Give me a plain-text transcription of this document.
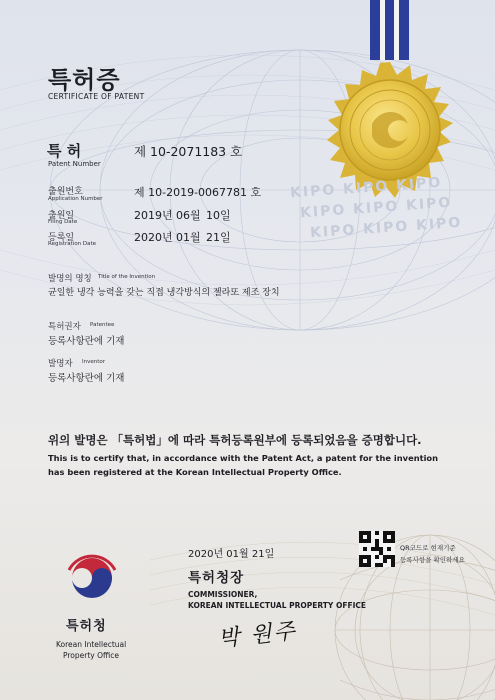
KIPO KIPO KIPO
KIPO KIPO KIPO
KIPO KIPO KIPO
특허증
CERTIFICATE OF PATENT
특 허
Patent Number
제 10-2071183 호
출원번호
Application Number	제 10-2019-0067781 호
출원일
Filing Date	2019년 06월 10일
등록일
Registration Date	2020년 01월 21일
발명의 명칭 Title of the Invention
균일한 냉각 능력을 갖는 직접 냉각방식의 젤라또 제조 장치
특허권자 Patentee
등록사항란에 기재
발명자 Inventor
등록사항란에 기재
위의 발명은 「특허법」에 따라 특허등록원부에 등록되었음을 증명합니다.
This is to certify that, in accordance with the Patent Act, a patent for the invention
has been registered at the Korean Intellectual Property Office.
2020년 01월 21일
QR코드로 현재기준
등록사항을 확인하세요
특허청장
COMMISSIONER,
KOREAN INTELLECTUAL PROPERTY OFFICE
박 원주
특허청
Korean Intellectual
Property Office
